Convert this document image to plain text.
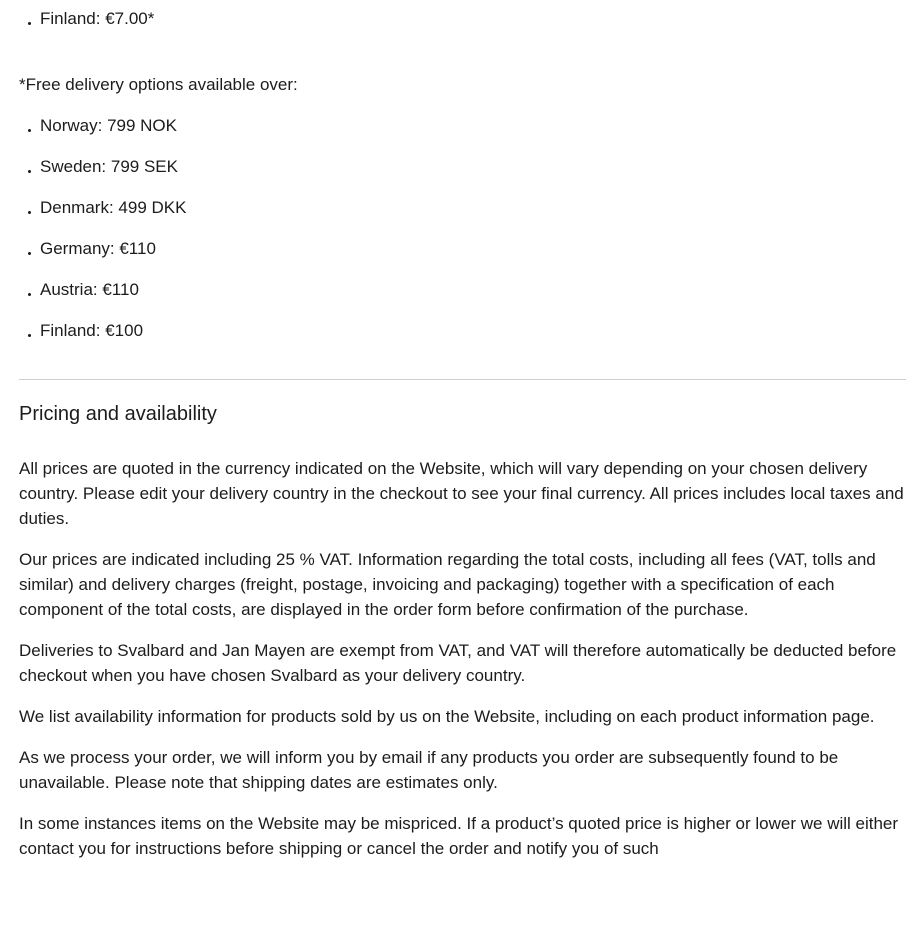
Finland: €7.00*

*Free delivery options available over:

Norway: 799 NOK
Sweden: 799 SEK
Denmark: 499 DKK
Germany: €110
Austria: €110
Finland: €100
Pricing and availability

All prices are quoted in the currency indicated on the Website, which will vary depending on your chosen delivery country. Please edit your delivery country in the checkout to see your final currency. All prices includes local taxes and duties.

Our prices are indicated including 25 % VAT. Information regarding the total costs, including all fees (VAT, tolls and similar) and delivery charges (freight, postage, invoicing and packaging) together with a specification of each component of the total costs, are displayed in the order form before confirmation of the purchase.

Deliveries to Svalbard and Jan Mayen are exempt from VAT, and VAT will therefore automatically be deducted before checkout when you have chosen Svalbard as your delivery country.

We list availability information for products sold by us on the Website, including on each product information page.

As we process your order, we will inform you by email if any products you order are subsequently found to be unavailable. Please note that shipping dates are estimates only.

In some instances items on the Website may be mispriced. If a product’s quoted price is higher or lower we will either contact you for instructions before shipping or cancel the order and notify you of such
